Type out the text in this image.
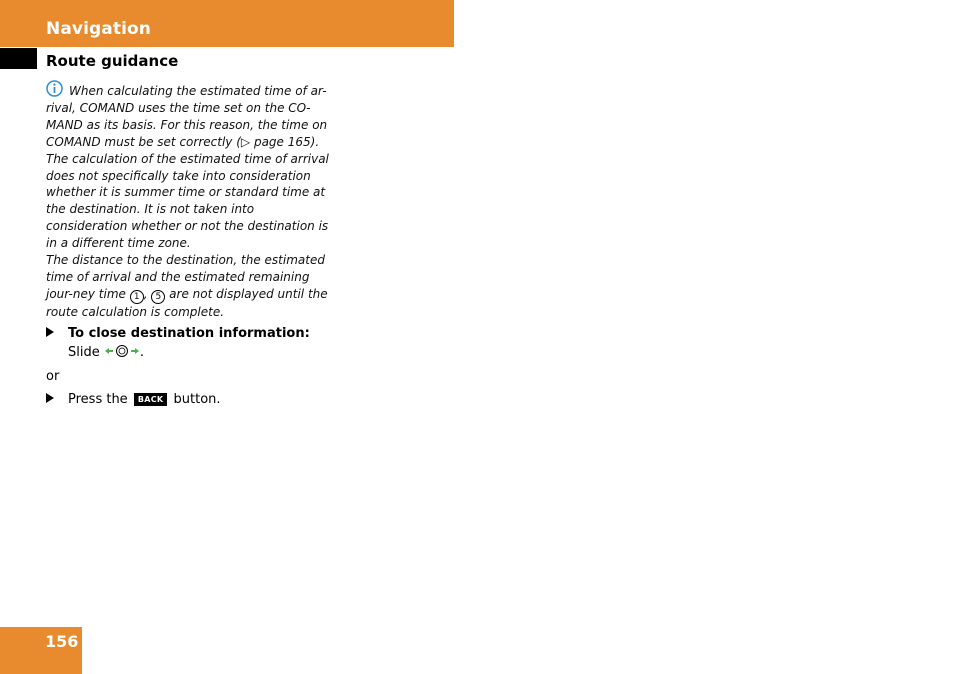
Navigation
Route guidance

When calculating the estimated time of ar-rival, COMAND uses the time set on the CO-MAND as its basis. For this reason, the time on COMAND must be set correctly (▷ page 165).

The calculation of the estimated time of arrival does not specifically take into consideration whether it is summer time or standard time at the destination. It is not taken into consideration whether or not the destination is in a different time zone.

The distance to the destination, the estimated time of arrival and the estimated remaining jour-ney time 1 , 5 are not displayed until the route calculation is complete.

To close destination information:
Slide	.
or
Press the BACK button.
156
